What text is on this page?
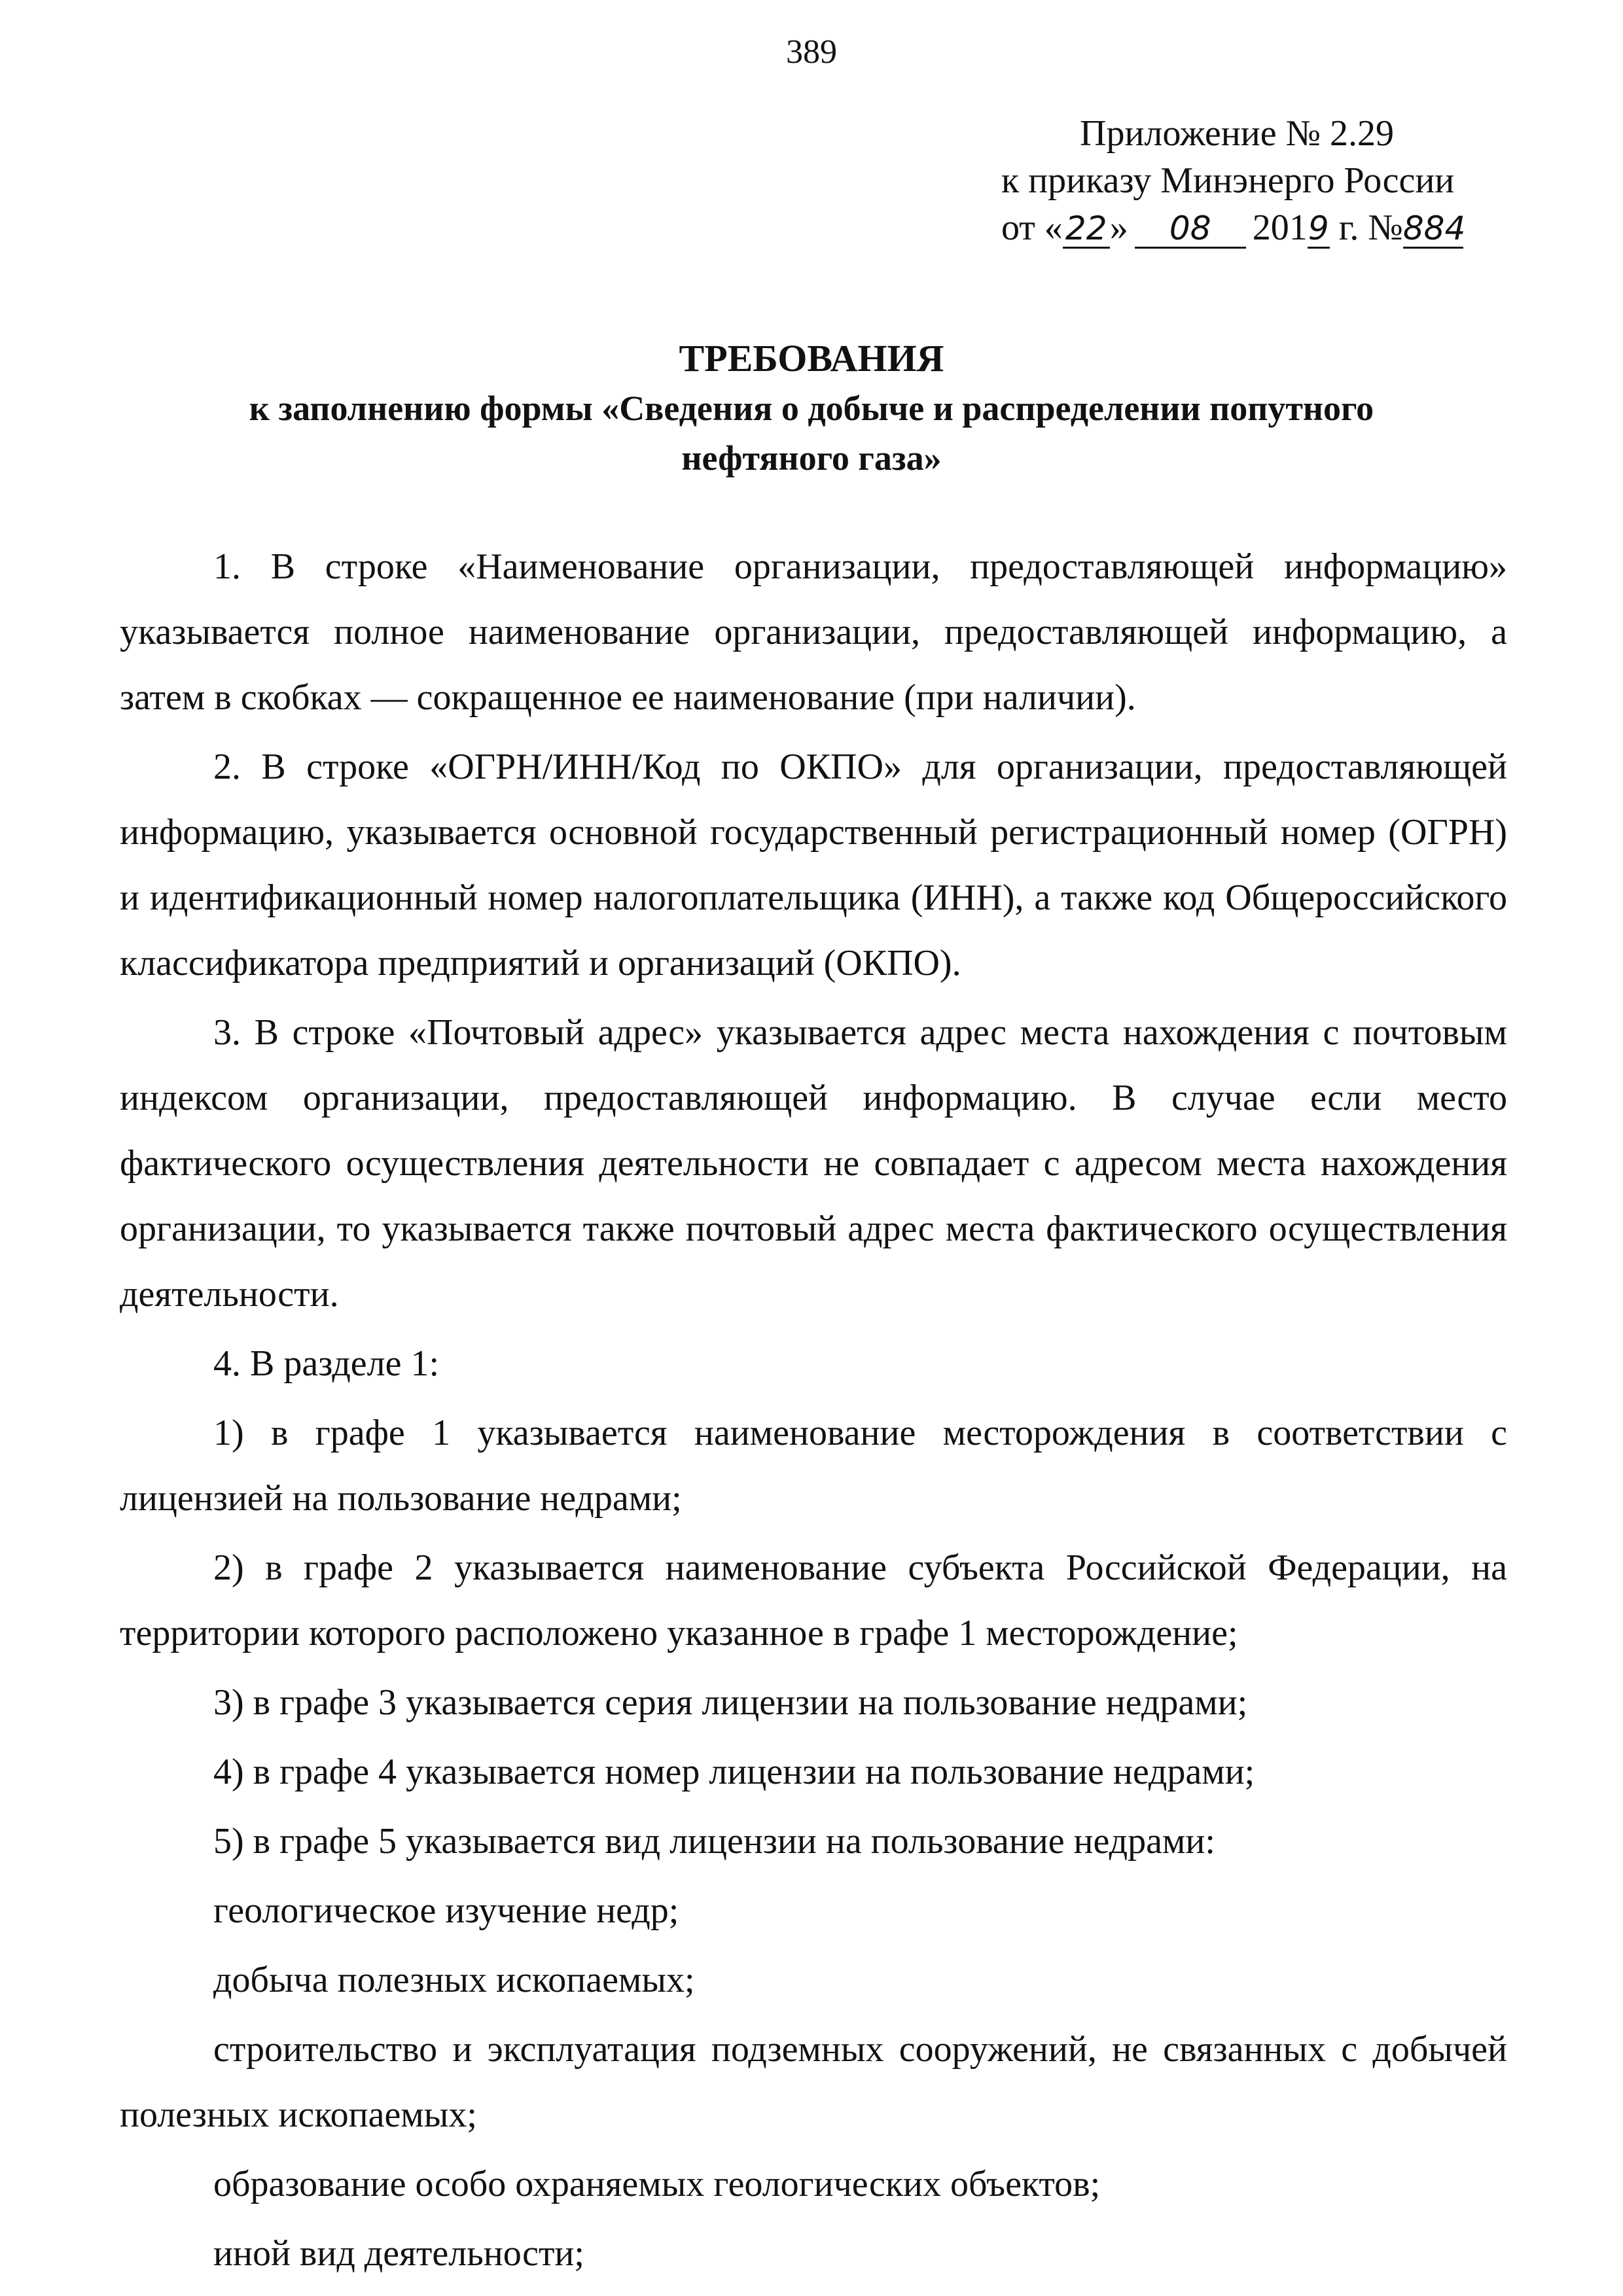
389
Приложение № 2.29
к приказу Минэнерго России
от «22» 08 2019 г. №884
ТРЕБОВАНИЯ
к заполнению формы «Сведения о добыче и распределении попутного
нефтяного газа»

1. В строке «Наименование организации, предоставляющей информацию» указывается полное наименование организации, предоставляющей информацию, а затем в скобках — сокращенное ее наименование (при наличии).

2. В строке «ОГРН/ИНН/Код по ОКПО» для организации, предоставляющей информацию, указывается основной государственный регистрационный номер (ОГРН) и идентификационный номер налогоплательщика (ИНН), а также код Общероссийского классификатора предприятий и организаций (ОКПО).

3. В строке «Почтовый адрес» указывается адрес места нахождения с почтовым индексом организации, предоставляющей информацию. В случае если место фактического осуществления деятельности не совпадает с адресом места нахождения организации, то указывается также почтовый адрес места фактического осуществления деятельности.

4. В разделе 1:

1) в графе 1 указывается наименование месторождения в соответствии с лицензией на пользование недрами;

2) в графе 2 указывается наименование субъекта Российской Федерации, на территории которого расположено указанное в графе 1 месторождение;

3) в графе 3 указывается серия лицензии на пользование недрами;

4) в графе 4 указывается номер лицензии на пользование недрами;

5) в графе 5 указывается вид лицензии на пользование недрами:

геологическое изучение недр;

добыча полезных ископаемых;

строительство и эксплуатация подземных сооружений, не связанных с добычей полезных ископаемых;

образование особо охраняемых геологических объектов;

иной вид деятельности;
